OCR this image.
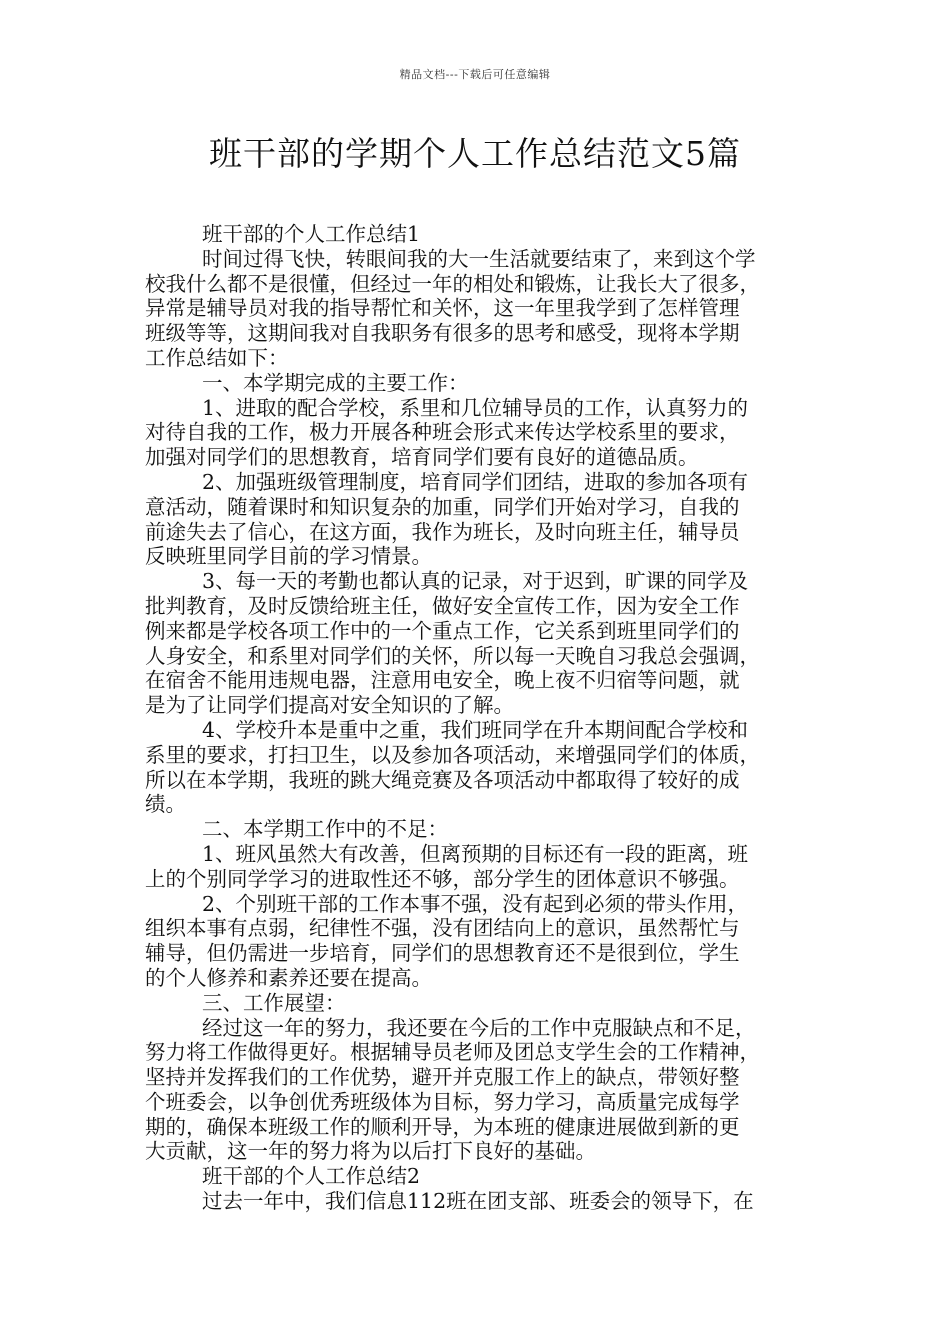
精品文档---下载后可任意编辑
班干部的学期个人工作总结范文5篇
班干部的个人工作总结1
时间过得飞快，转眼间我的大一生活就要结束了，来到这个学
校我什么都不是很懂，但经过一年的相处和锻炼，让我长大了很多，
异常是辅导员对我的指导帮忙和关怀，这一年里我学到了怎样管理
班级等等，这期间我对自我职务有很多的思考和感受，现将本学期
工作总结如下：
一、本学期完成的主要工作：
1、进取的配合学校，系里和几位辅导员的工作，认真努力的
对待自我的工作，极力开展各种班会形式来传达学校系里的要求，
加强对同学们的思想教育，培育同学们要有良好的道德品质。
2、加强班级管理制度，培育同学们团结，进取的参加各项有
意活动，随着课时和知识复杂的加重，同学们开始对学习，自我的
前途失去了信心，在这方面，我作为班长，及时向班主任，辅导员
反映班里同学目前的学习情景。
3、每一天的考勤也都认真的记录，对于迟到，旷课的同学及
批判教育，及时反馈给班主任，做好安全宣传工作，因为安全工作
例来都是学校各项工作中的一个重点工作，它关系到班里同学们的
人身安全，和系里对同学们的关怀，所以每一天晚自习我总会强调，
在宿舍不能用违规电器，注意用电安全，晚上夜不归宿等问题，就
是为了让同学们提高对安全知识的了解。
4、学校升本是重中之重，我们班同学在升本期间配合学校和
系里的要求，打扫卫生，以及参加各项活动，来增强同学们的体质，
所以在本学期，我班的跳大绳竞赛及各项活动中都取得了较好的成
绩。
二、本学期工作中的不足：
1、班风虽然大有改善，但离预期的目标还有一段的距离，班
上的个别同学学习的进取性还不够，部分学生的团体意识不够强。
2、个别班干部的工作本事不强，没有起到必须的带头作用，
组织本事有点弱，纪律性不强，没有团结向上的意识，虽然帮忙与
辅导，但仍需进一步培育，同学们的思想教育还不是很到位，学生
的个人修养和素养还要在提高。
三、工作展望：
经过这一年的努力，我还要在今后的工作中克服缺点和不足，
努力将工作做得更好。根据辅导员老师及团总支学生会的工作精神，
坚持并发挥我们的工作优势，避开并克服工作上的缺点，带领好整
个班委会，以争创优秀班级体为目标，努力学习，高质量完成每学
期的，确保本班级工作的顺利开导，为本班的健康进展做到新的更
大贡献，这一年的努力将为以后打下良好的基础。
班干部的个人工作总结2
过去一年中，我们信息112班在团支部、班委会的领导下，在
